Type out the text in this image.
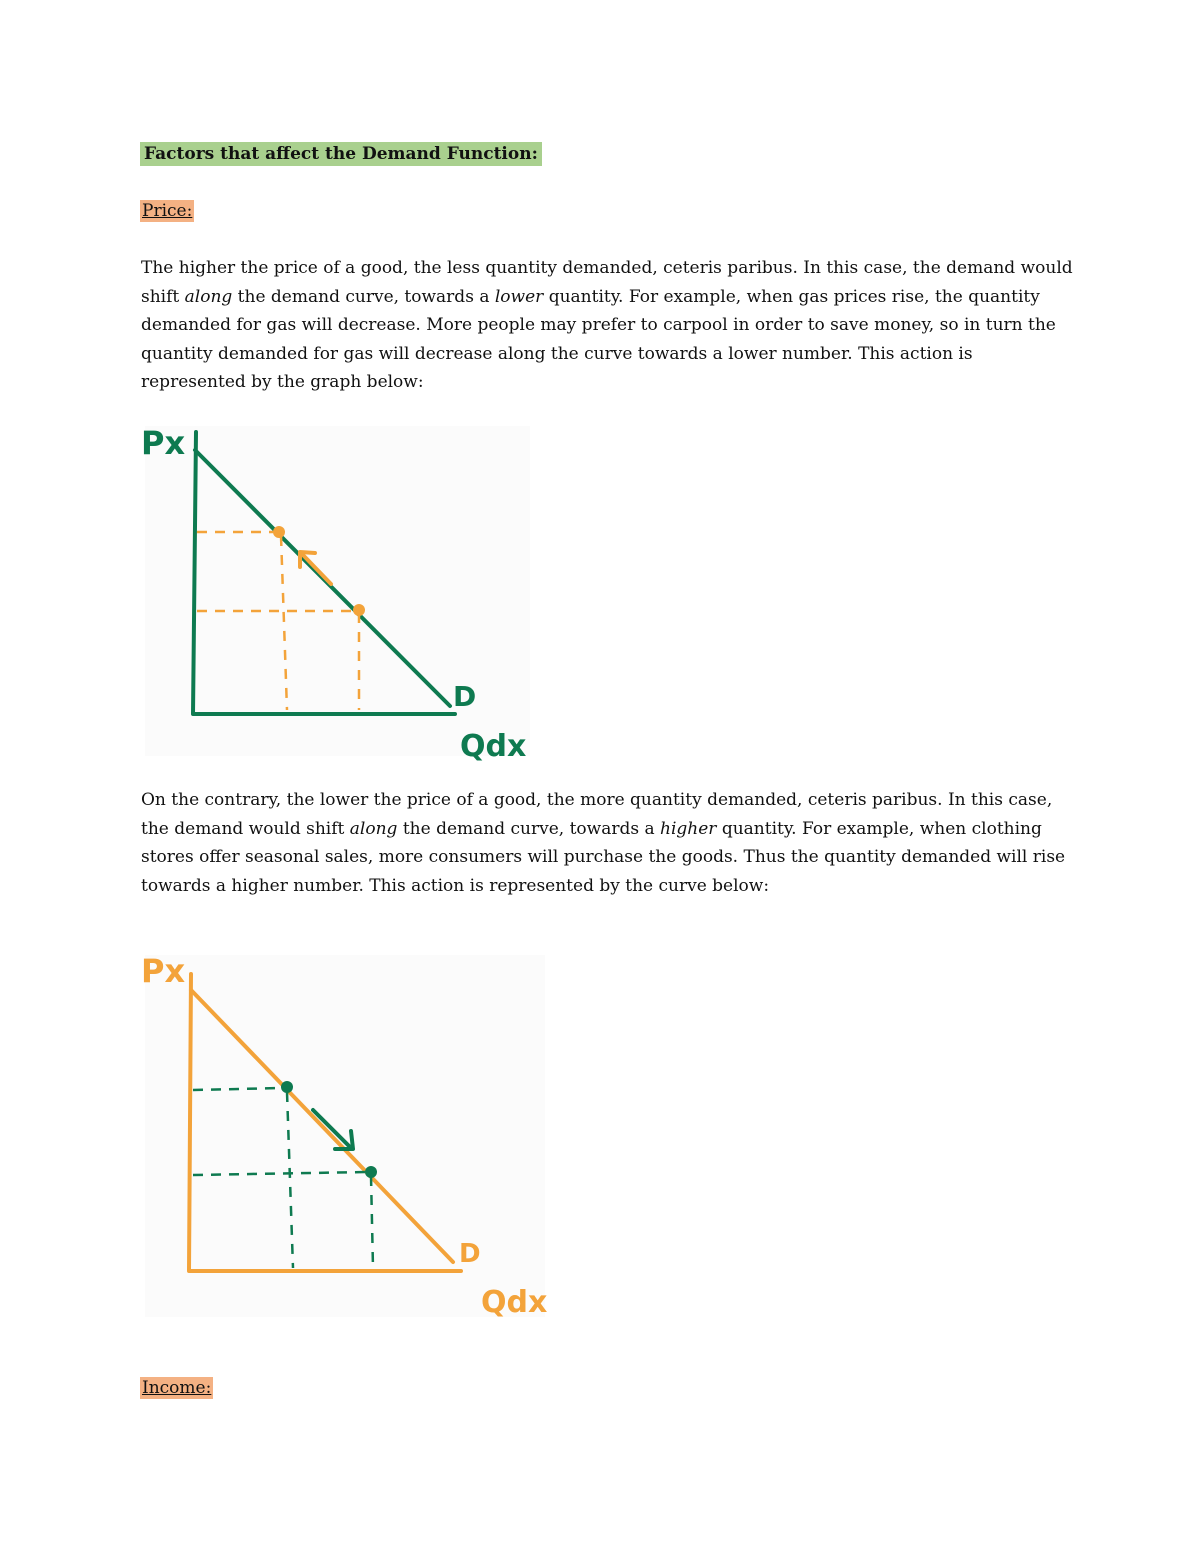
Factors that affect the Demand Function:
Price:

The higher the price of a good, the less quantity demanded, ceteris paribus. In this case, the demand would shift along the demand curve, towards a lower quantity. For example, when gas prices rise, the quantity demanded for gas will decrease. More people may prefer to carpool in order to save money, so in turn the quantity demanded for gas will decrease along the curve towards a lower number. This action is represented by the graph below:

Px
D
Qdx

On the contrary, the lower the price of a good, the more quantity demanded, ceteris paribus. In this case, the demand would shift along the demand curve, towards a higher quantity. For example, when clothing stores offer seasonal sales, more consumers will purchase the goods. Thus the quantity demanded will rise towards a higher number. This action is represented by the curve below:

Px
D
Qdx
Income:
